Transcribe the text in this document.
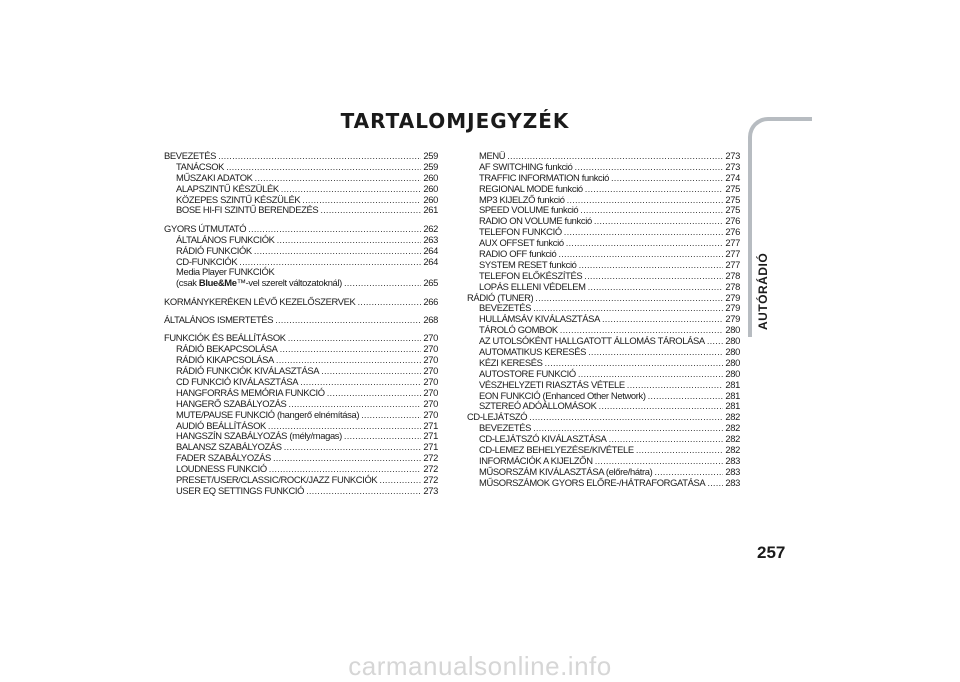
TARTALOMJEGYZÉK
BEVEZETÉS .....	259
TANÁCSOK .....	259
MŰSZAKI ADATOK .....	260
ALAPSZINTŰ KÉSZÜLÉK .....	260
KÖZEPES SZINTŰ KÉSZÜLÉK .....	260
BOSE HI-FI SZINTŰ BERENDEZÉS .....	261
GYORS ÚTMUTATÓ .....	262
ÁLTALÁNOS FUNKCIÓK .....	263
RÁDIÓ FUNKCIÓK .....	264
CD-FUNKCIÓK .....	264
Media Player FUNKCIÓK
(csak Blue&Me™-vel szerelt változatoknál) .....	265
KORMÁNYKERÉKEN LÉVŐ KEZELŐSZERVEK .....	266
ÁLTALÁNOS ISMERTETÉS .....	268
FUNKCIÓK ÉS BEÁLLÍTÁSOK .....	270
RÁDIÓ BEKAPCSOLÁSA .....	270
RÁDIÓ KIKAPCSOLÁSA .....	270
RÁDIÓ FUNKCIÓK KIVÁLASZTÁSA .....	270
CD FUNKCIÓ KIVÁLASZTÁSA .....	270
HANGFORRÁS MEMÓRIA FUNKCIÓ .....	270
HANGERŐ SZABÁLYOZÁS .....	270
MUTE/PAUSE FUNKCIÓ (hangerő elnémítása) .....	270
AUDIÓ BEÁLLÍTÁSOK .....	271
HANGSZÍN SZABÁLYOZÁS (mély/magas) .....	271
BALANSZ SZABÁLYOZÁS .....	271
FADER SZABÁLYOZÁS .....	272
LOUDNESS FUNKCIÓ .....	272
PRESET/USER/CLASSIC/ROCK/JAZZ FUNKCIÓK .....	272
USER EQ SETTINGS FUNKCIÓ .....	273
MENÜ .....	273
AF SWITCHING funkció .....	273
TRAFFIC INFORMATION funkció .....	274
REGIONAL MODE funkció .....	275
MP3 KIJELZŐ funkció .....	275
SPEED VOLUME funkció .....	275
RADIO ON VOLUME funkció .....	276
TELEFON FUNKCIÓ .....	276
AUX OFFSET funkció .....	277
RADIO OFF funkció .....	277
SYSTEM RESET funkció .....	277
TELEFON ELŐKÉSZÍTÉS .....	278
LOPÁS ELLENI VÉDELEM .....	278
RÁDIÓ (TUNER) .....	279
BEVEZETÉS .....	279
HULLÁMSÁV KIVÁLASZTÁSA .....	279
TÁROLÓ GOMBOK .....	280
AZ UTOLSÓKÉNT HALLGATOTT ÁLLOMÁS TÁROLÁSA ..... 280
AUTOMATIKUS KERESÉS .....	280
KÉZI KERESÉS .....	280
AUTOSTORE FUNKCIÓ .....	280
VÉSZHELYZETI RIASZTÁS VÉTELE .....	281
EON FUNKCIÓ (Enhanced Other Network) .....	281
SZTEREÓ ADÓÁLLOMÁSOK .....	281
CD-LEJÁTSZÓ .....	282
BEVEZETÉS .....	282
CD-LEJÁTSZÓ KIVÁLASZTÁSA .....	282
CD-LEMEZ BEHELYEZÉSE/KIVÉTELE .....	282
INFORMÁCIÓK A KIJELZŐN .....	283
MŰSORSZÁM KIVÁLASZTÁSA (előre/hátra) .....	283
MŰSORSZÁMOK GYORS ELŐRE-/HÁTRAFORGATÁSA ..... 283
AUTÓRÁDIÓ
257
carmanualsonline.info
